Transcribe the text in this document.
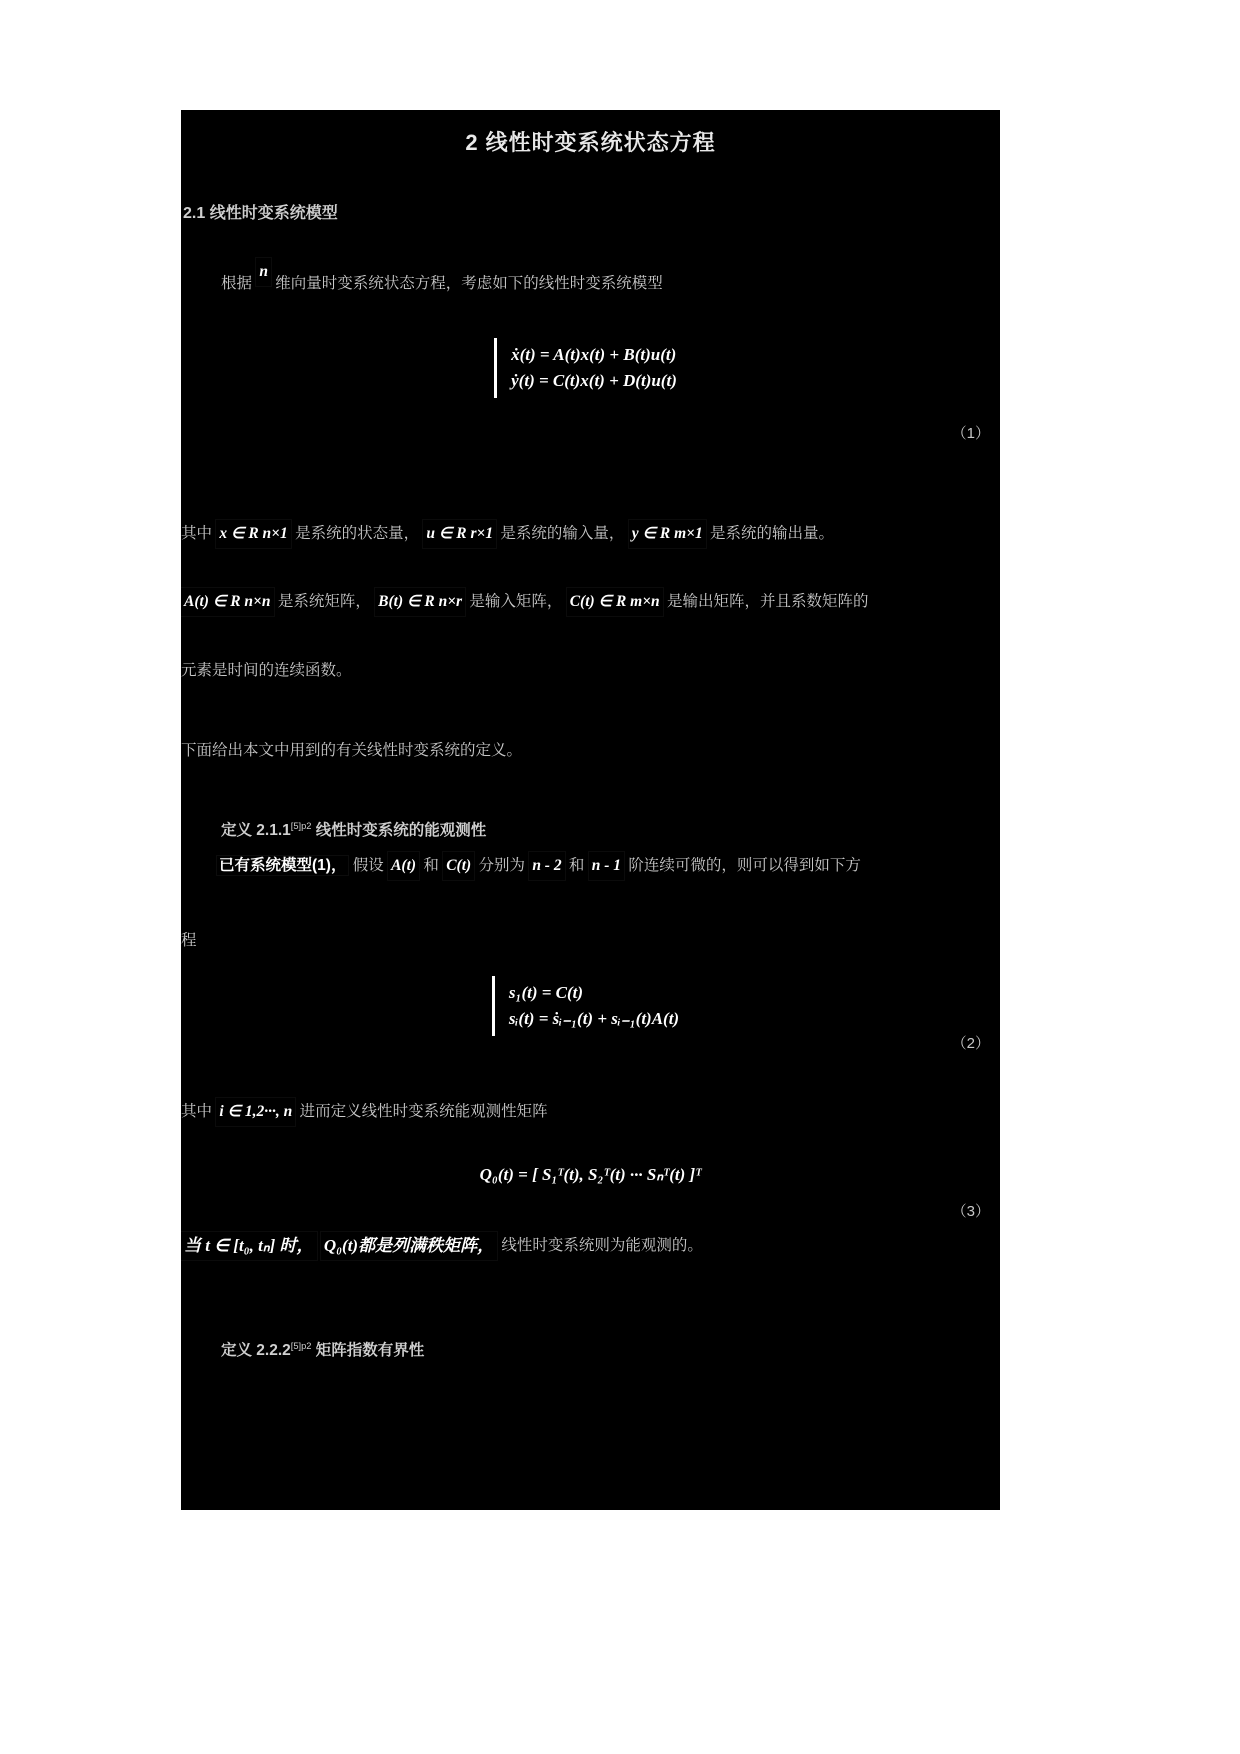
2 线性时变系统状态方程
2.1 线性时变系统模型
根据 n 维向量时变系统状态方程，考虑如下的线性时变系统模型
ẋ(t) = A(t)x(t) + B(t)u(t)
ẏ(t) = C(t)x(t) + D(t)u(t)
（1）
其中 x ∈ R n×1 是系统的状态量， u ∈ R r×1 是系统的输入量， y ∈ R m×1 是系统的输出量。
A(t) ∈ R n×n 是系统矩阵， B(t) ∈ R n×r 是输入矩阵， C(t) ∈ R m×n 是输出矩阵，并且系数矩阵的
元素是时间的连续函数。
下面给出本文中用到的有关线性时变系统的定义。
定义 $2.1.1^{[5]p2}$ 线性时变系统的能观测性
已有系统模型(1)， 假设 A(t) 和 C(t) 分别为 n - 2 和 n - 1 阶连续可微的，则可以得到如下方
程
s₁(t) = C(t)
sᵢ(t) = ṡᵢ₋₁(t) + sᵢ₋₁(t)A(t)
（2）
其中 i ∈ 1,2···, n 进而定义线性时变系统能观测性矩阵
Q₀(t) = [ S₁ᵀ(t), S₂ᵀ(t) ··· Sₙᵀ(t) ]ᵀ
（3）
当 t ∈ [t₀, tₙ] 时， Q₀(t)都是列满秩矩阵， 线性时变系统则为能观测的。
定义 $2.2.2^{[5]p2}$ 矩阵指数有界性
